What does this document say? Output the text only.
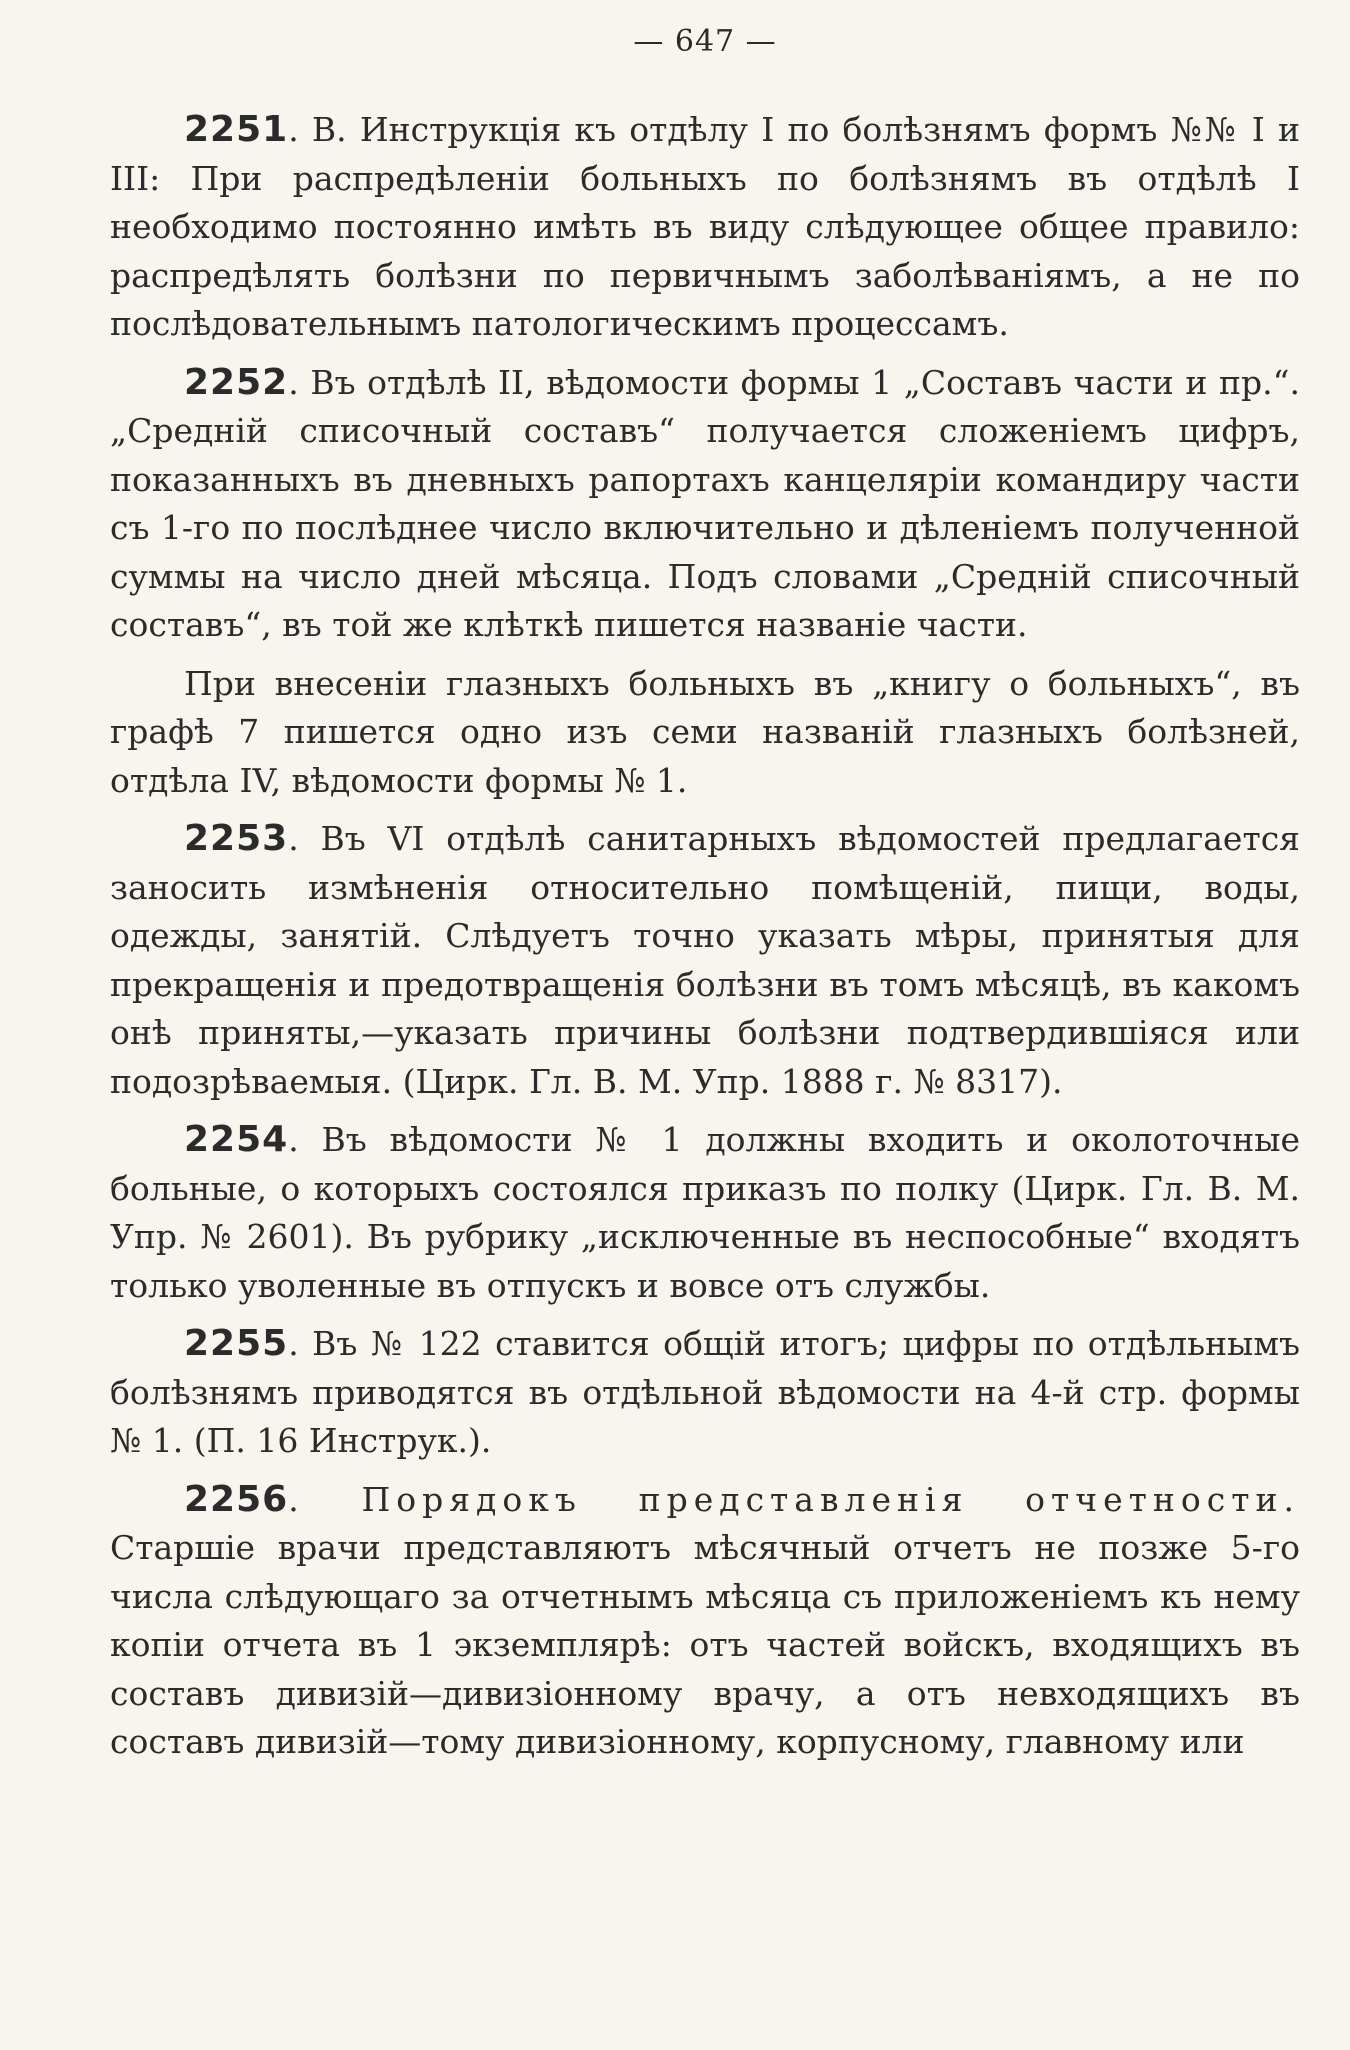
— 647 —

2251. В. Инструкція къ отдѣлу I по болѣзнямъ формъ №№ I и III: При распредѣленіи больныхъ по болѣзнямъ въ отдѣлѣ I необходимо постоянно имѣть въ виду слѣдующее общее правило: распредѣлять болѣзни по первичнымъ заболѣваніямъ, а не по послѣдовательнымъ патологическимъ процессамъ.

2252. Въ отдѣлѣ II, вѣдомости формы 1 „Составъ части и пр.“. „Средній списочный составъ“ получается сложеніемъ цифръ, показанныхъ въ дневныхъ рапортахъ канцеляріи командиру части съ 1-го по послѣднее число включительно и дѣленіемъ полученной суммы на число дней мѣсяца. Подъ словами „Средній списочный составъ“, въ той же клѣткѣ пишется названіе части.

При внесеніи глазныхъ больныхъ въ „книгу о больныхъ“, въ графѣ 7 пишется одно изъ семи названій глазныхъ болѣзней, отдѣла IV, вѣдомости формы № 1.

2253. Въ VI отдѣлѣ санитарныхъ вѣдомостей предлагается заносить измѣненія относительно помѣщеній, пищи, воды, одежды, занятій. Слѣдуетъ точно указать мѣры, принятыя для прекращенія и предотвращенія болѣзни въ томъ мѣсяцѣ, въ какомъ онѣ приняты,—указать причины болѣзни подтвердившіяся или подозрѣваемыя. (Цирк. Гл. В. М. Упр. 1888 г. № 8317).

2254. Въ вѣдомости № 1 должны входить и околоточные больные, о которыхъ состоялся приказъ по полку (Цирк. Гл. В. М. Упр. № 2601). Въ рубрику „исключенные въ неспособные“ входятъ только уволенные въ отпускъ и вовсе отъ службы.

2255. Въ № 122 ставится общій итогъ; цифры по отдѣльнымъ болѣзнямъ приводятся въ отдѣльной вѣдомости на 4-й стр. формы № 1. (П. 16 Инструк.).

2256. Порядокъ представленія отчетности. Старшіе врачи представляютъ мѣсячный отчетъ не позже 5-го числа слѣдующаго за отчетнымъ мѣсяца съ приложеніемъ къ нему копіи отчета въ 1 экземплярѣ: отъ частей войскъ, входящихъ въ составъ дивизій—дивизіонному врачу, а отъ невходящихъ въ составъ дивизій—тому дивизіонному, корпусному, главному или
